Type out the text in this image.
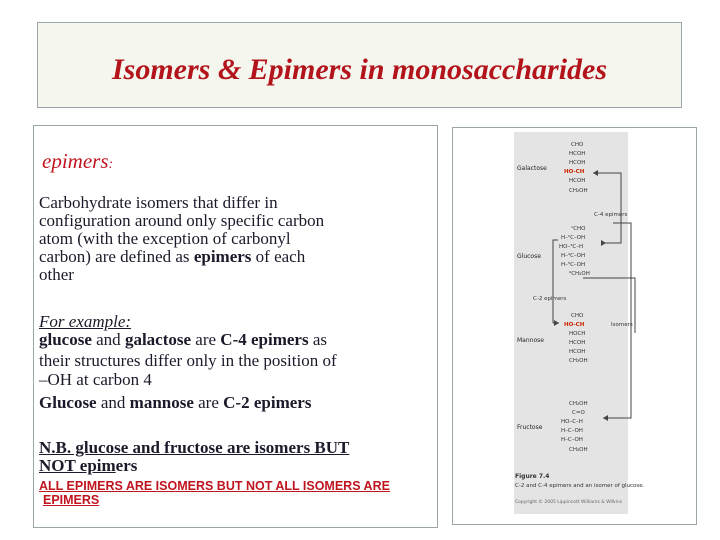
Isomers & Epimers in monosaccharides
epimers:
Carbohydrate isomers that differ in
configuration around only specific carbon
atom (with the exception of carbonyl
carbon) are defined as epimers of each
other
For example:
glucose and galactose are C-4 epimers as
their structures differ only in the position of
–OH at carbon 4
Glucose and mannose are C-2 epimers
N.B. glucose and fructose are isomers BUT
NOT epimers
ALL EPIMERS ARE ISOMERS BUT NOT ALL ISOMERS ARE
EPIMERS
Galactose
Glucose
Mannose
Fructose
C-4 epimers
C-2 epimers
Isomers
CHO
HCOH
HCOH
HO-CH
HCOH
CH₂OH
¹CHO
H–²C–OH
HO–³C–H
H–⁴C–OH
H–⁵C–OH
⁶CH₂OH
CHO
HO-CH
HOCH
HCOH
HCOH
CH₂OH
CH₂OH
C=O
HO–C–H
H–C–OH
H–C–OH
CH₂OH
Figure 7.4
C-2 and C-4 epimers and an isomer of glucose.
Copyright © 2005 Lippincott Williams & Wilkins
